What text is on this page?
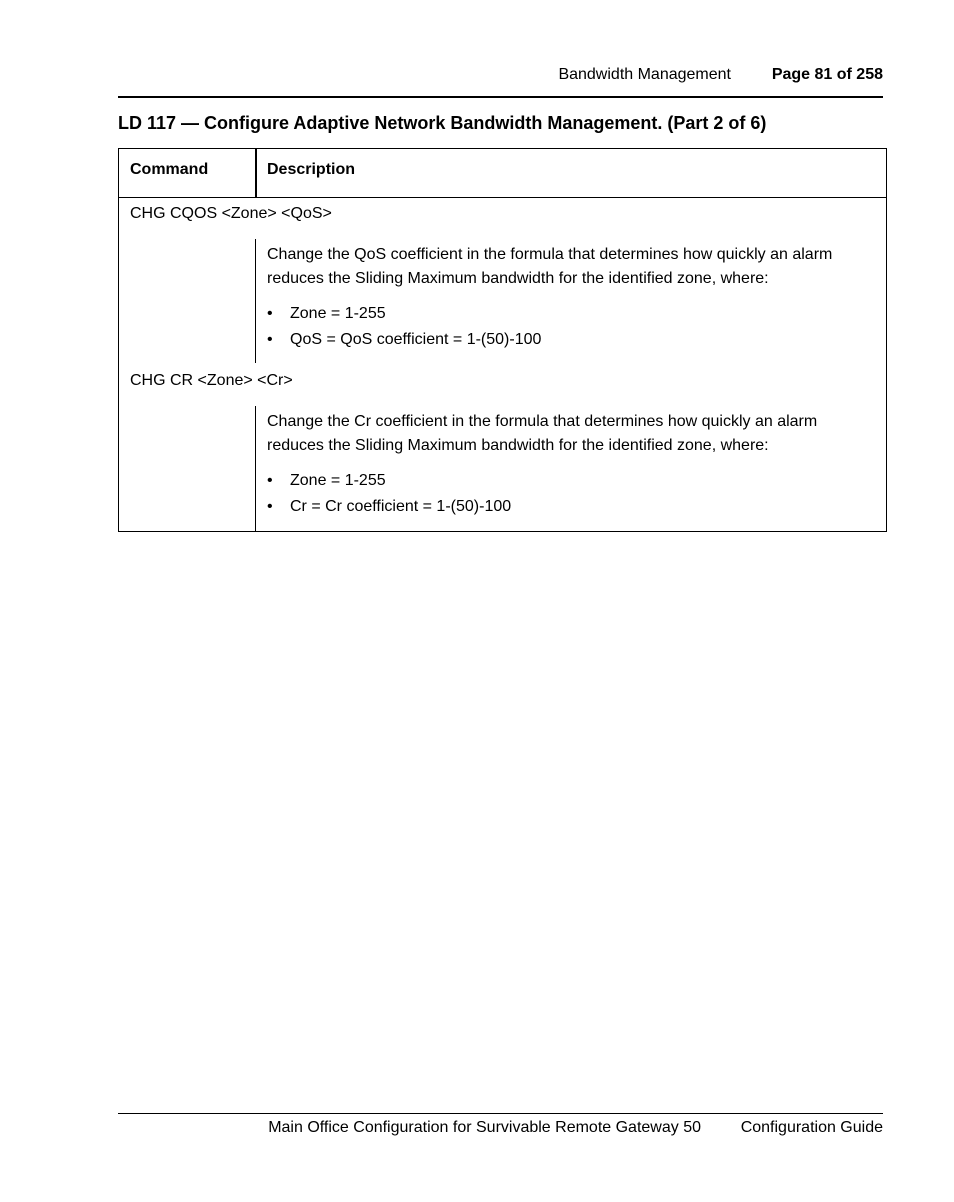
Bandwidth Management	Page 81 of 258
LD 117 — Configure Adaptive Network Bandwidth Management. (Part 2 of 6)
Command	Description
CHG CQOS <Zone> <QoS>
Change the QoS coefficient in the formula that determines how quickly an alarm reduces the Sliding Maximum bandwidth for the identified zone, where:
• Zone = 1-255
• QoS = QoS coefficient = 1-(50)-100
CHG CR <Zone> <Cr>
Change the Cr coefficient in the formula that determines how quickly an alarm reduces the Sliding Maximum bandwidth for the identified zone, where:
• Zone = 1-255
• Cr = Cr coefficient = 1-(50)-100
Main Office Configuration for Survivable Remote Gateway 50 Configuration Guide
